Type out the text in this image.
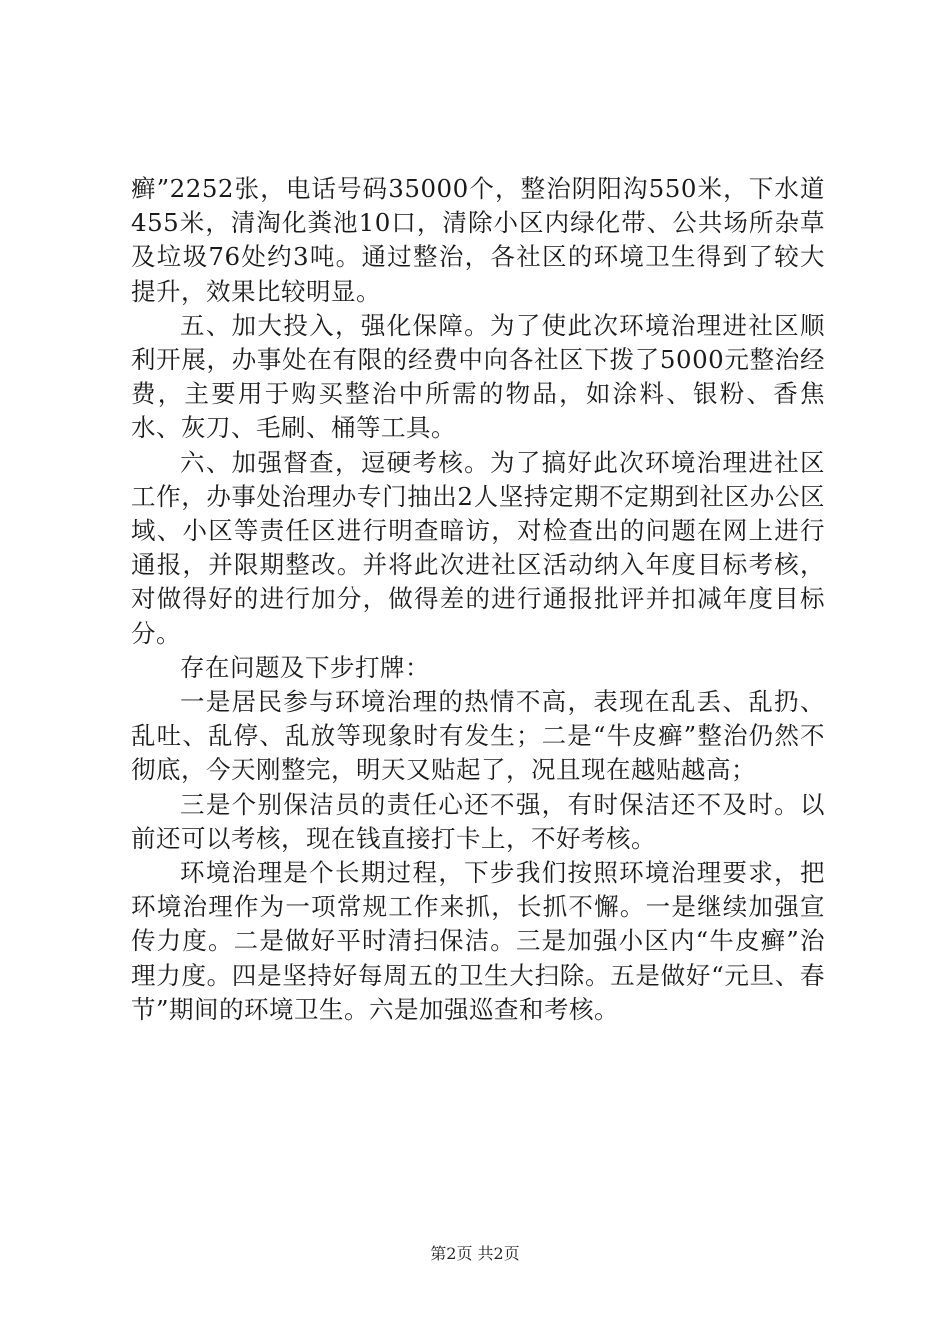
癣”2252张，电话号码35000个，整治阴阳沟550米，下水道455米，清淘化粪池10口，清除小区内绿化带、公共场所杂草及垃圾76处约3吨。通过整治，各社区的环境卫生得到了较大提升，效果比较明显。

五、加大投入，强化保障。为了使此次环境治理进社区顺利开展，办事处在有限的经费中向各社区下拨了5000元整治经费，主要用于购买整治中所需的物品，如涂料、银粉、香焦水、灰刀、毛刷、桶等工具。

六、加强督查，逗硬考核。为了搞好此次环境治理进社区工作，办事处治理办专门抽出2人坚持定期不定期到社区办公区域、小区等责任区进行明查暗访，对检查出的问题在网上进行通报，并限期整改。并将此次进社区活动纳入年度目标考核，对做得好的进行加分，做得差的进行通报批评并扣减年度目标分。

存在问题及下步打牌：

一是居民参与环境治理的热情不高，表现在乱丢、乱扔、乱吐、乱停、乱放等现象时有发生；二是“牛皮癣”整治仍然不彻底，今天刚整完，明天又贴起了，况且现在越贴越高；

三是个别保洁员的责任心还不强，有时保洁还不及时。以前还可以考核，现在钱直接打卡上，不好考核。

环境治理是个长期过程，下步我们按照环境治理要求，把环境治理作为一项常规工作来抓，长抓不懈。一是继续加强宣传力度。二是做好平时清扫保洁。三是加强小区内“牛皮癣”治理力度。四是坚持好每周五的卫生大扫除。五是做好“元旦、春节”期间的环境卫生。六是加强巡查和考核。

第2页 共2页
